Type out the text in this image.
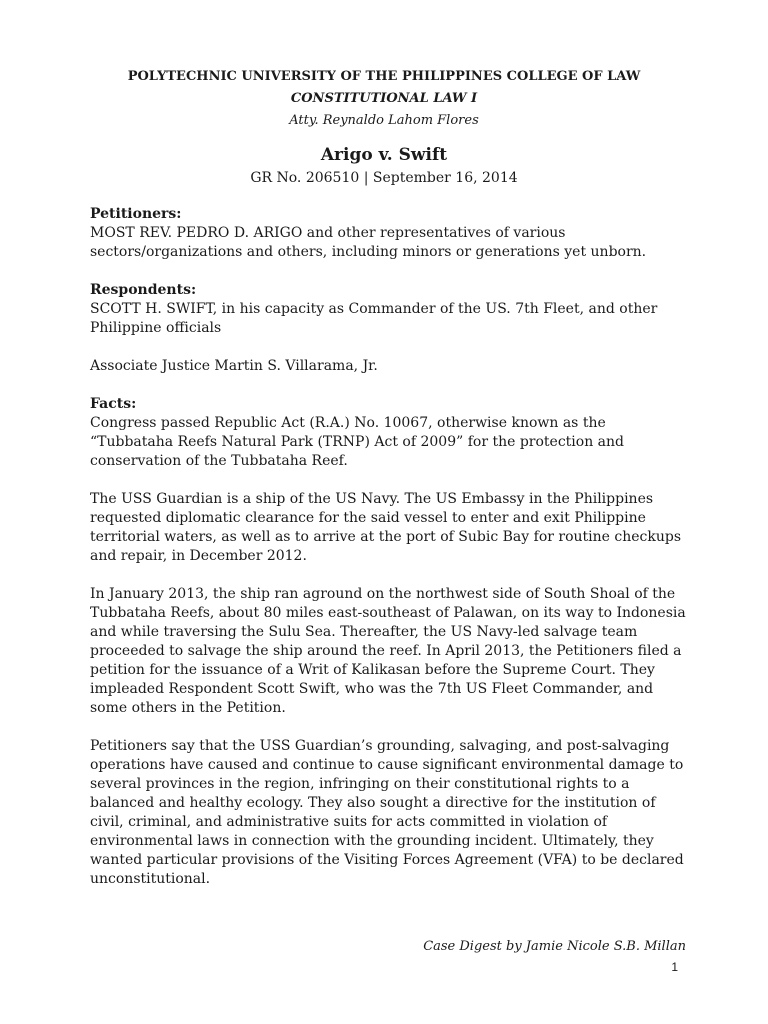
POLYTECHNIC UNIVERSITY OF THE PHILIPPINES COLLEGE OF LAW
CONSTITUTIONAL LAW I
Atty. Reynaldo Lahom Flores
Arigo v. Swift
GR No. 206510 | September 16, 2014

Petitioners:
MOST REV. PEDRO D. ARIGO and other representatives of various sectors/organizations and others, including minors or generations yet unborn.

Respondents:
SCOTT H. SWIFT, in his capacity as Commander of the US. 7th Fleet, and other Philippine officials

Associate Justice Martin S. Villarama, Jr.

Facts:
Congress passed Republic Act (R.A.) No. 10067, otherwise known as the “Tubbataha Reefs Natural Park (TRNP) Act of 2009” for the protection and conservation of the Tubbataha Reef.

The USS Guardian is a ship of the US Navy. The US Embassy in the Philippines requested diplomatic clearance for the said vessel to enter and exit Philippine territorial waters, as well as to arrive at the port of Subic Bay for routine checkups and repair, in December 2012.

In January 2013, the ship ran aground on the northwest side of South Shoal of the Tubbataha Reefs, about 80 miles east-southeast of Palawan, on its way to Indonesia and while traversing the Sulu Sea. Thereafter, the US Navy-led salvage team proceeded to salvage the ship around the reef. In April 2013, the Petitioners filed a petition for the issuance of a Writ of Kalikasan before the Supreme Court. They impleaded Respondent Scott Swift, who was the 7th US Fleet Commander, and some others in the Petition.

Petitioners say that the USS Guardian’s grounding, salvaging, and post-salvaging operations have caused and continue to cause significant environmental damage to several provinces in the region, infringing on their constitutional rights to a balanced and healthy ecology. They also sought a directive for the institution of civil, criminal, and administrative suits for acts committed in violation of environmental laws in connection with the grounding incident. Ultimately, they wanted particular provisions of the Visiting Forces Agreement (VFA) to be declared unconstitutional.

Case Digest by Jamie Nicole S.B. Millan
1
